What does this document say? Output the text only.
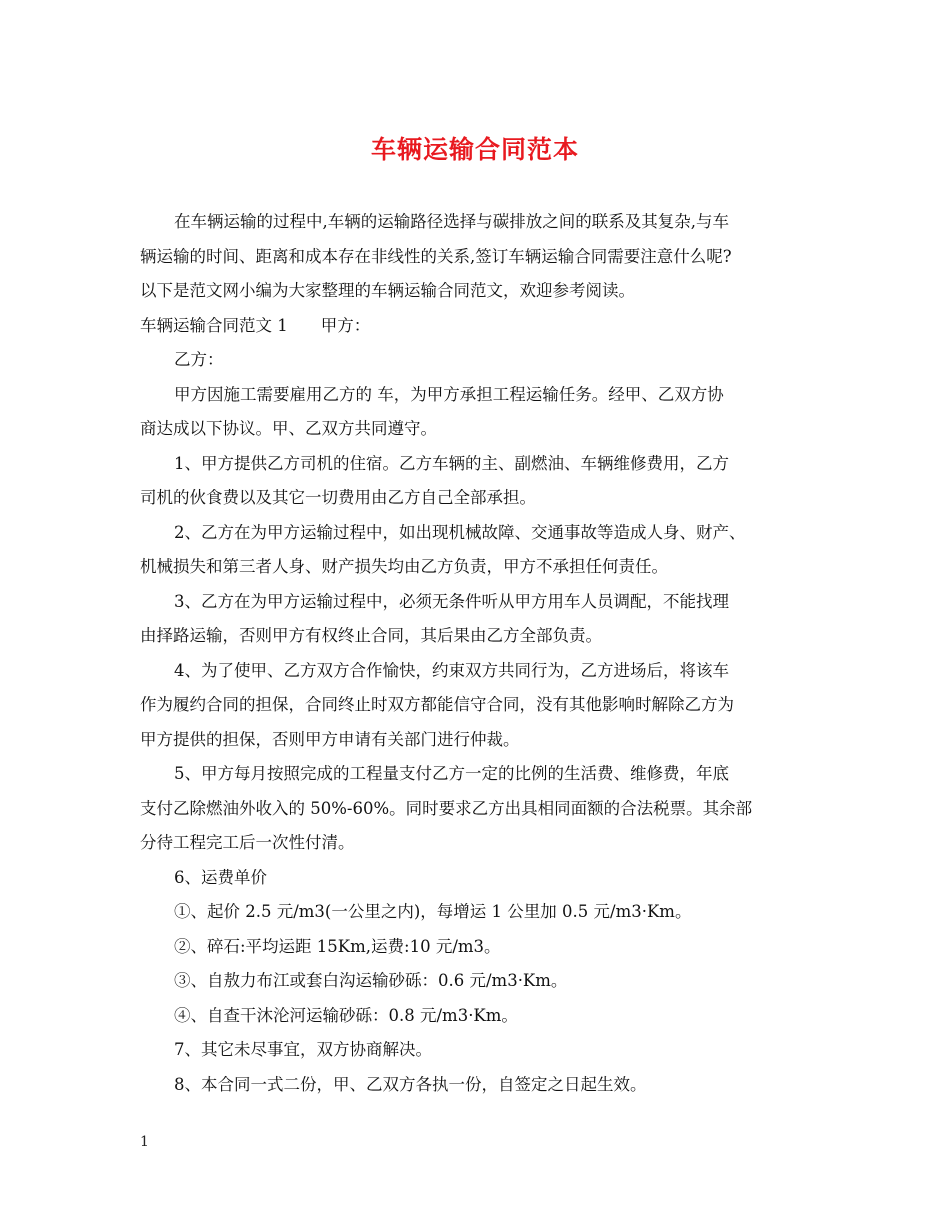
车辆运输合同范本
在车辆运输的过程中,车辆的运输路径选择与碳排放之间的联系及其复杂,与车
辆运输的时间、距离和成本存在非线性的关系,签订车辆运输合同需要注意什么呢?
以下是范文网小编为大家整理的车辆运输合同范文，欢迎参考阅读。
车辆运输合同范文 1　　甲方：
乙方：
甲方因施工需要雇用乙方的 车，为甲方承担工程运输任务。经甲、乙双方协
商达成以下协议。甲、乙双方共同遵守。
1、甲方提供乙方司机的住宿。乙方车辆的主、副燃油、车辆维修费用，乙方
司机的伙食费以及其它一切费用由乙方自己全部承担。
2、乙方在为甲方运输过程中，如出现机械故障、交通事故等造成人身、财产、
机械损失和第三者人身、财产损失均由乙方负责，甲方不承担任何责任。
3、乙方在为甲方运输过程中，必须无条件听从甲方用车人员调配，不能找理
由择路运输，否则甲方有权终止合同，其后果由乙方全部负责。
4、为了使甲、乙方双方合作愉快，约束双方共同行为，乙方进场后，将该车
作为履约合同的担保，合同终止时双方都能信守合同，没有其他影响时解除乙方为
甲方提供的担保，否则甲方申请有关部门进行仲裁。
5、甲方每月按照完成的工程量支付乙方一定的比例的生活费、维修费，年底
支付乙除燃油外收入的 50%-60%。同时要求乙方出具相同面额的合法税票。其余部
分待工程完工后一次性付清。
6、运费单价
①、起价 2.5 元/m3(一公里之内)，每增运 1 公里加 0.5 元/m3·Km。
②、碎石:平均运距 15Km,运费:10 元/m3。
③、自敖力布江或套白沟运输砂砾：0.6 元/m3·Km。
④、自查干沐沦河运输砂砾：0.8 元/m3·Km。
7、其它未尽事宜，双方协商解决。
8、本合同一式二份，甲、乙双方各执一份，自签定之日起生效。
1
